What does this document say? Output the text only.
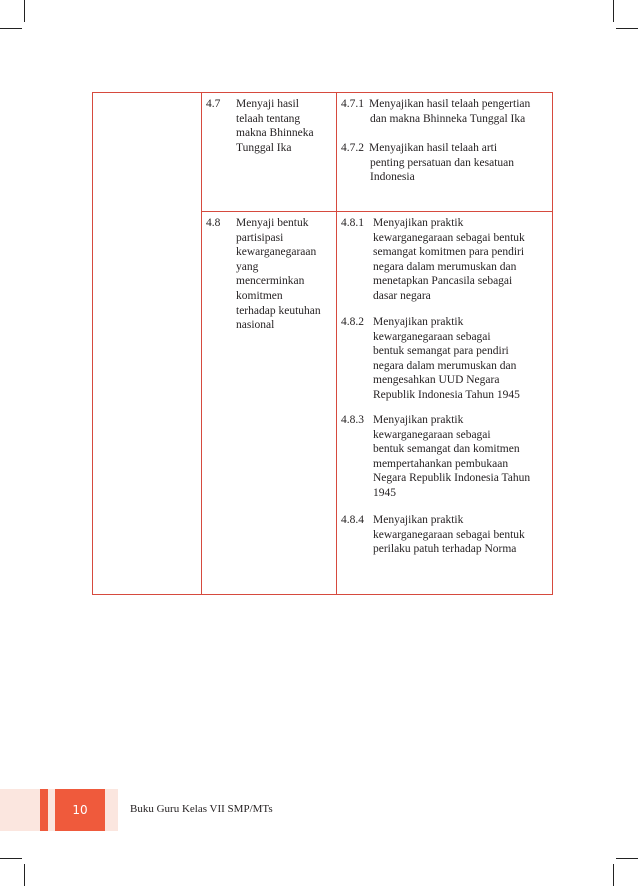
4.7 Menyaji hasil
telaah tentang
makna Bhinneka
Tunggal Ika
4.7.1 Menyajikan hasil telaah pengertian
dan makna Bhinneka Tunggal Ika
4.7.2 Menyajikan hasil telaah arti
penting persatuan dan kesatuan
Indonesia
4.8 Menyaji bentuk
partisipasi
kewarganegaraan
yang
mencerminkan
komitmen
terhadap keutuhan
nasional
4.8.1 Menyajikan praktik
kewarganegaraan sebagai bentuk
semangat komitmen para pendiri
negara dalam merumuskan dan
menetapkan Pancasila sebagai
dasar negara
4.8.2 Menyajikan praktik
kewarganegaraan sebagai
bentuk semangat para pendiri
negara dalam merumuskan dan
mengesahkan UUD Negara
Republik Indonesia Tahun 1945
4.8.3 Menyajikan praktik
kewarganegaraan sebagai
bentuk semangat dan komitmen
mempertahankan pembukaan
Negara Republik Indonesia Tahun
1945
4.8.4 Menyajikan praktik
kewarganegaraan sebagai bentuk
perilaku patuh terhadap Norma
10	Buku Guru Kelas VII SMP/MTs
